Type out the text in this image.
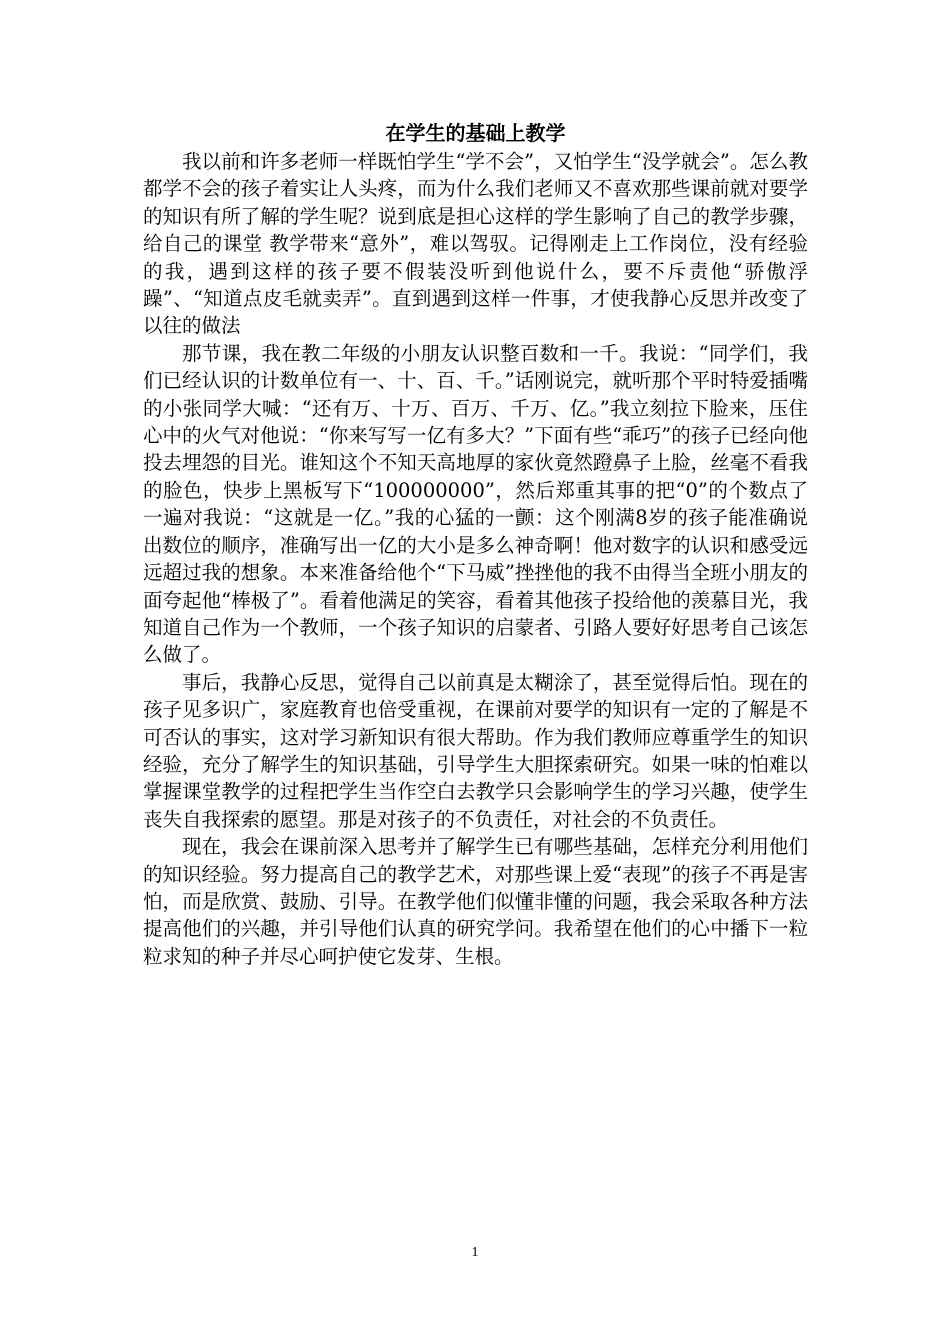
在学生的基础上教学

我以前和许多老师一样既怕学生“学不会”，又怕学生“没学就会”。怎么教都学不会的孩子着实让人头疼，而为什么我们老师又不喜欢那些课前就对要学的知识有所了解的学生呢？说到底是担心这样的学生影响了自己的教学步骤，给自己的课堂 教学带来“意外”，难以驾驭。记得刚走上工作岗位，没有经验的我，遇到这样的孩子要不假装没听到他说什么，要不斥责他“骄傲浮躁”、“知道点皮毛就卖弄”。直到遇到这样一件事，才使我静心反思并改变了以往的做法

那节课，我在教二年级的小朋友认识整百数和一千。我说：“同学们，我们已经认识的计数单位有一、十、百、千。”话刚说完，就听那个平时特爱插嘴的小张同学大喊：“还有万、十万、百万、千万、亿。”我立刻拉下脸来，压住心中的火气对他说：“你来写写一亿有多大？”下面有些“乖巧”的孩子已经向他投去埋怨的目光。谁知这个不知天高地厚的家伙竟然蹬鼻子上脸，丝毫不看我的脸色，快步上黑板写下“100000000”，然后郑重其事的把“0”的个数点了一遍对我说：“这就是一亿。”我的心猛的一颤：这个刚满8岁的孩子能准确说出数位的顺序，准确写出一亿的大小是多么神奇啊！他对数字的认识和感受远远超过我的想象。本来准备给他个“下马威”挫挫他的我不由得当全班小朋友的面夸起他“棒极了”。看着他满足的笑容，看着其他孩子投给他的羡慕目光，我知道自己作为一个教师，一个孩子知识的启蒙者、引路人要好好思考自己该怎么做了。

事后，我静心反思，觉得自己以前真是太糊涂了，甚至觉得后怕。现在的孩子见多识广，家庭教育也倍受重视，在课前对要学的知识有一定的了解是不可否认的事实，这对学习新知识有很大帮助。作为我们教师应尊重学生的知识经验，充分了解学生的知识基础，引导学生大胆探索研究。如果一味的怕难以掌握课堂教学的过程把学生当作空白去教学只会影响学生的学习兴趣，使学生丧失自我探索的愿望。那是对孩子的不负责任，对社会的不负责任。

现在，我会在课前深入思考并了解学生已有哪些基础，怎样充分利用他们的知识经验。努力提高自己的教学艺术，对那些课上爱“表现”的孩子不再是害怕，而是欣赏、鼓励、引导。在教学他们似懂非懂的问题，我会采取各种方法提高他们的兴趣，并引导他们认真的研究学问。我希望在他们的心中播下一粒粒求知的种子并尽心呵护使它发芽、生根。

1
